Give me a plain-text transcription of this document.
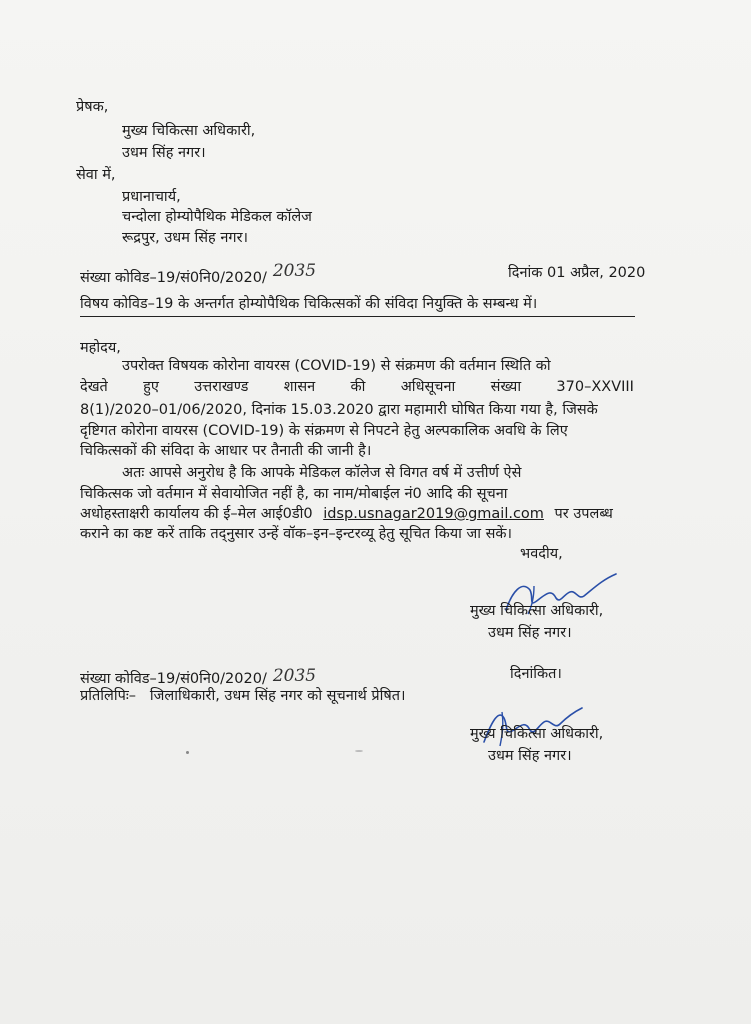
प्रेषक,
मुख्य चिकित्सा अधिकारी,
उधम सिंह नगर।
सेवा में,
प्रधानाचार्य,
चन्दोला होम्योपैथिक मेडिकल कॉलेज
रूद्रपुर, उधम सिंह नगर।
संख्या कोविड–19/सं0नि0/2020/ 2035	दिनांक 01 अप्रैल, 2020
विषय कोविड–19 के अन्तर्गत होम्योपैथिक चिकित्सकों की संविदा नियुक्ति के सम्बन्ध में।
महोदय,
उपरोक्त विषयक कोरोना वायरस (COVID-19) से संक्रमण की वर्तमान स्थिति को
देखते हुए उत्तराखण्ड शासन की अधिसूचना संख्या 370–XXVIII
8(1)/2020–01/06/2020, दिनांक 15.03.2020 द्वारा महामारी घोषित किया गया है, जिसके
दृष्टिगत कोरोना वायरस (COVID-19) के संक्रमण से निपटने हेतु अल्पकालिक अवधि के लिए
चिकित्सकों की संविदा के आधार पर तैनाती की जानी है।
अतः आपसे अनुरोध है कि आपके मेडिकल कॉलेज से विगत वर्ष में उत्तीर्ण ऐसे
चिकित्सक जो वर्तमान में सेवायोजित नहीं है, का नाम/मोबाईल नं0 आदि की सूचना
अधोहस्ताक्षरी कार्यालय की ई–मेल आई0डी0 idsp.usnagar2019@gmail.com पर उपलब्ध
कराने का कष्ट करें ताकि तद्नुसार उन्हें वॉक–इन–इन्टरव्यू हेतु सूचित किया जा सकें।
भवदीय,
मुख्य चिकित्सा अधिकारी,
उधम सिंह नगर।
संख्या कोविड–19/सं0नि0/2020/ 2035	दिनांकित।
प्रतिलिपिः–   जिलाधिकारी, उधम सिंह नगर को सूचनार्थ प्रेषित।
मुख्य चिकित्सा अधिकारी,
उधम सिंह नगर।
